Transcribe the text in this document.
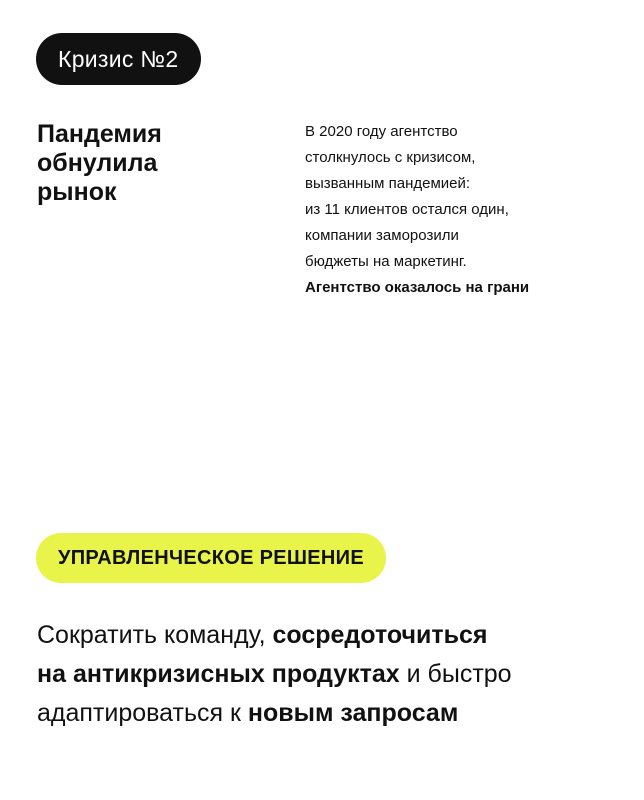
Кризис №2
Пандемия
обнулила
рынок

В 2020 году агентство
столкнулось с кризисом,
вызванным пандемией:
из 11 клиентов остался один,
компании заморозили
бюджеты на маркетинг.
Агентство оказалось на грани

УПРАВЛЕНЧЕСКОЕ РЕШЕНИЕ

Сократить команду, сосредоточиться
на антикризисных продуктах и быстро
адаптироваться к новым запросам
